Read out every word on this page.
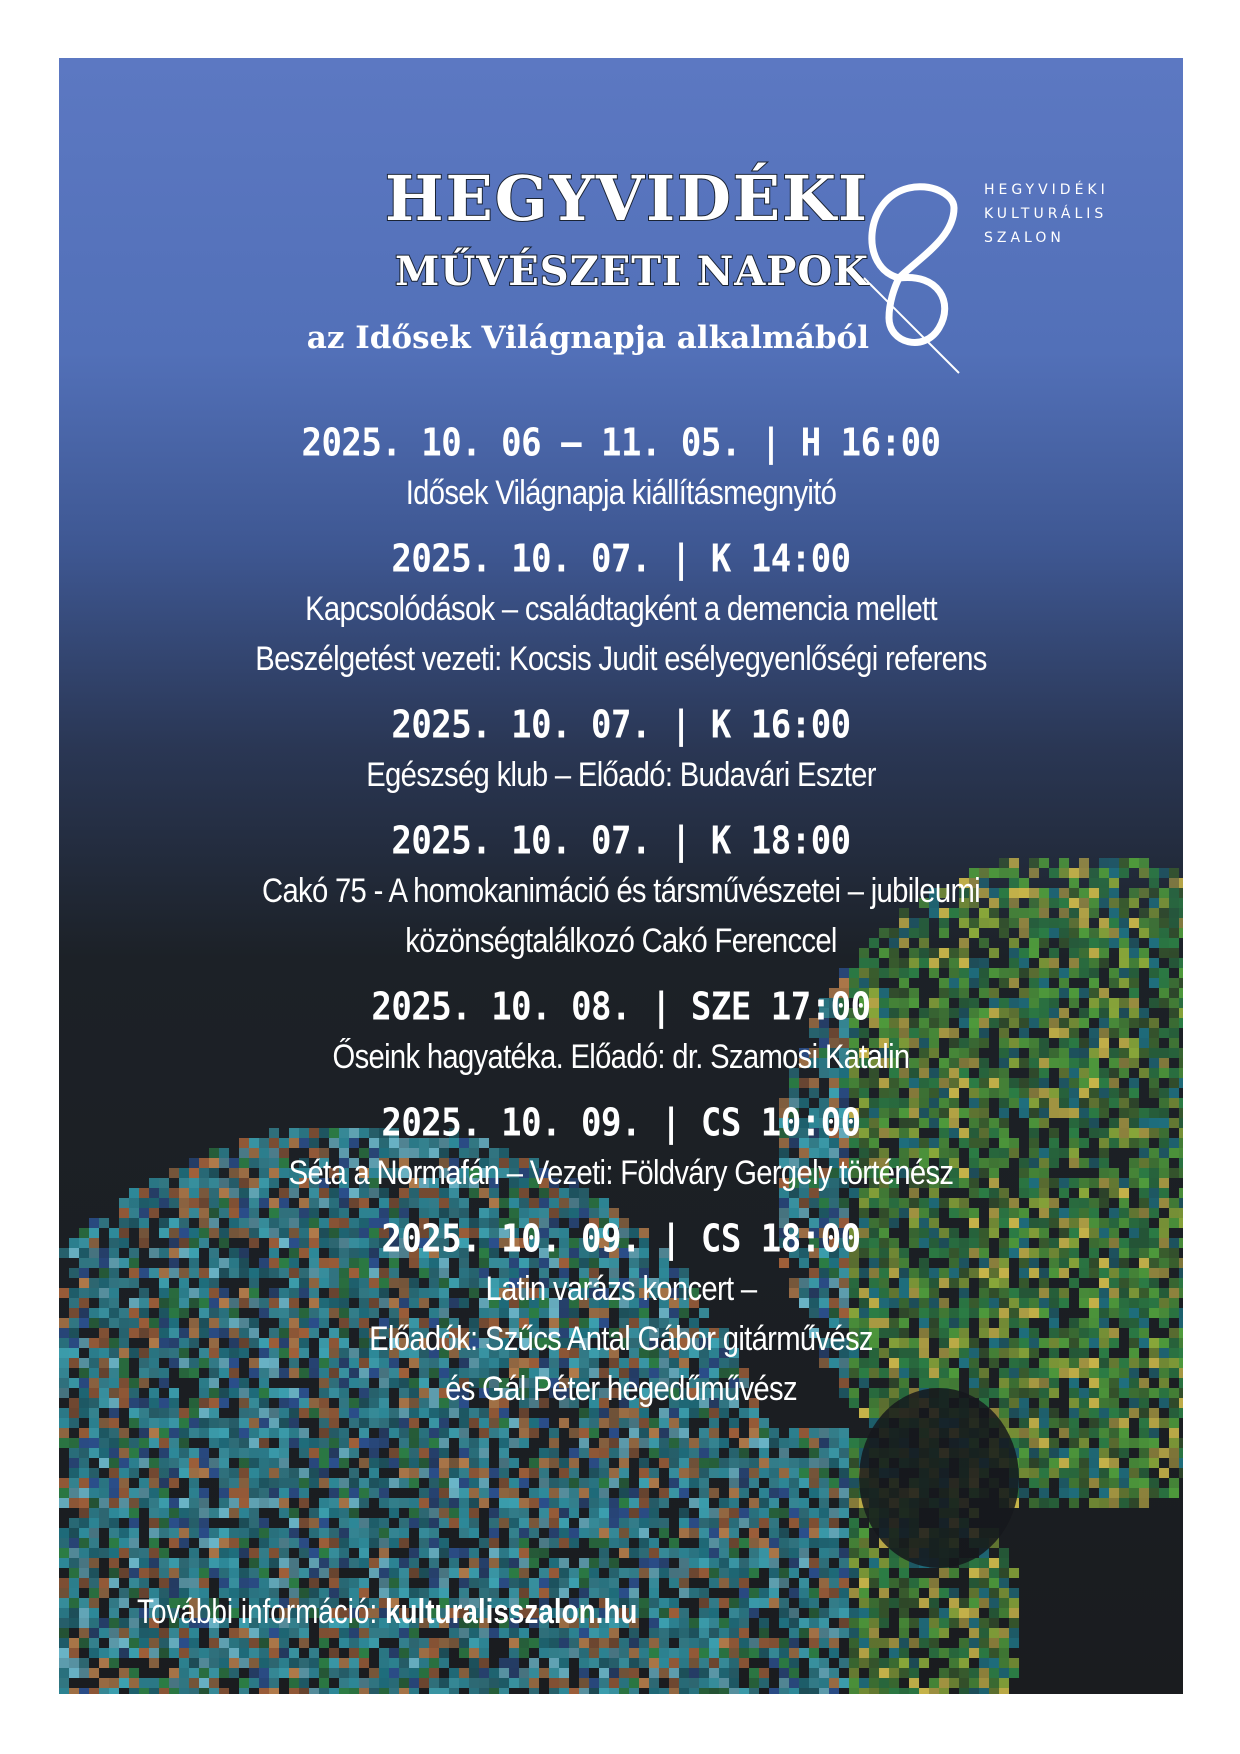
HEGYVIDÉKI
MŰVÉSZETI NAPOK
az Idősek Világnapja alkalmából
HEGYVIDÉKI
KULTURÁLIS
SZALON
2025. 10. 06 – 11. 05. | H 16:00
Idősek Világnapja kiállításmegnyitó
2025. 10. 07. | K 14:00
Kapcsolódások – családtagként a demencia mellett
Beszélgetést vezeti: Kocsis Judit esélyegyenlőségi referens
2025. 10. 07. | K 16:00
Egészség klub – Előadó: Budavári Eszter
2025. 10. 07. | K 18:00
Cakó 75 - A homokanimáció és társművészetei – jubileumi
közönségtalálkozó Cakó Ferenccel
2025. 10. 08. | SZE 17:00
Őseink hagyatéka. Előadó: dr. Szamosi Katalin
2025. 10. 09. | CS 10:00
Séta a Normafán – Vezeti: Földváry Gergely történész
2025. 10. 09. | CS 18:00
Latin varázs koncert –
Előadók: Szűcs Antal Gábor gitárművész
és Gál Péter hegedűművész
További információ: kulturalisszalon.hu
